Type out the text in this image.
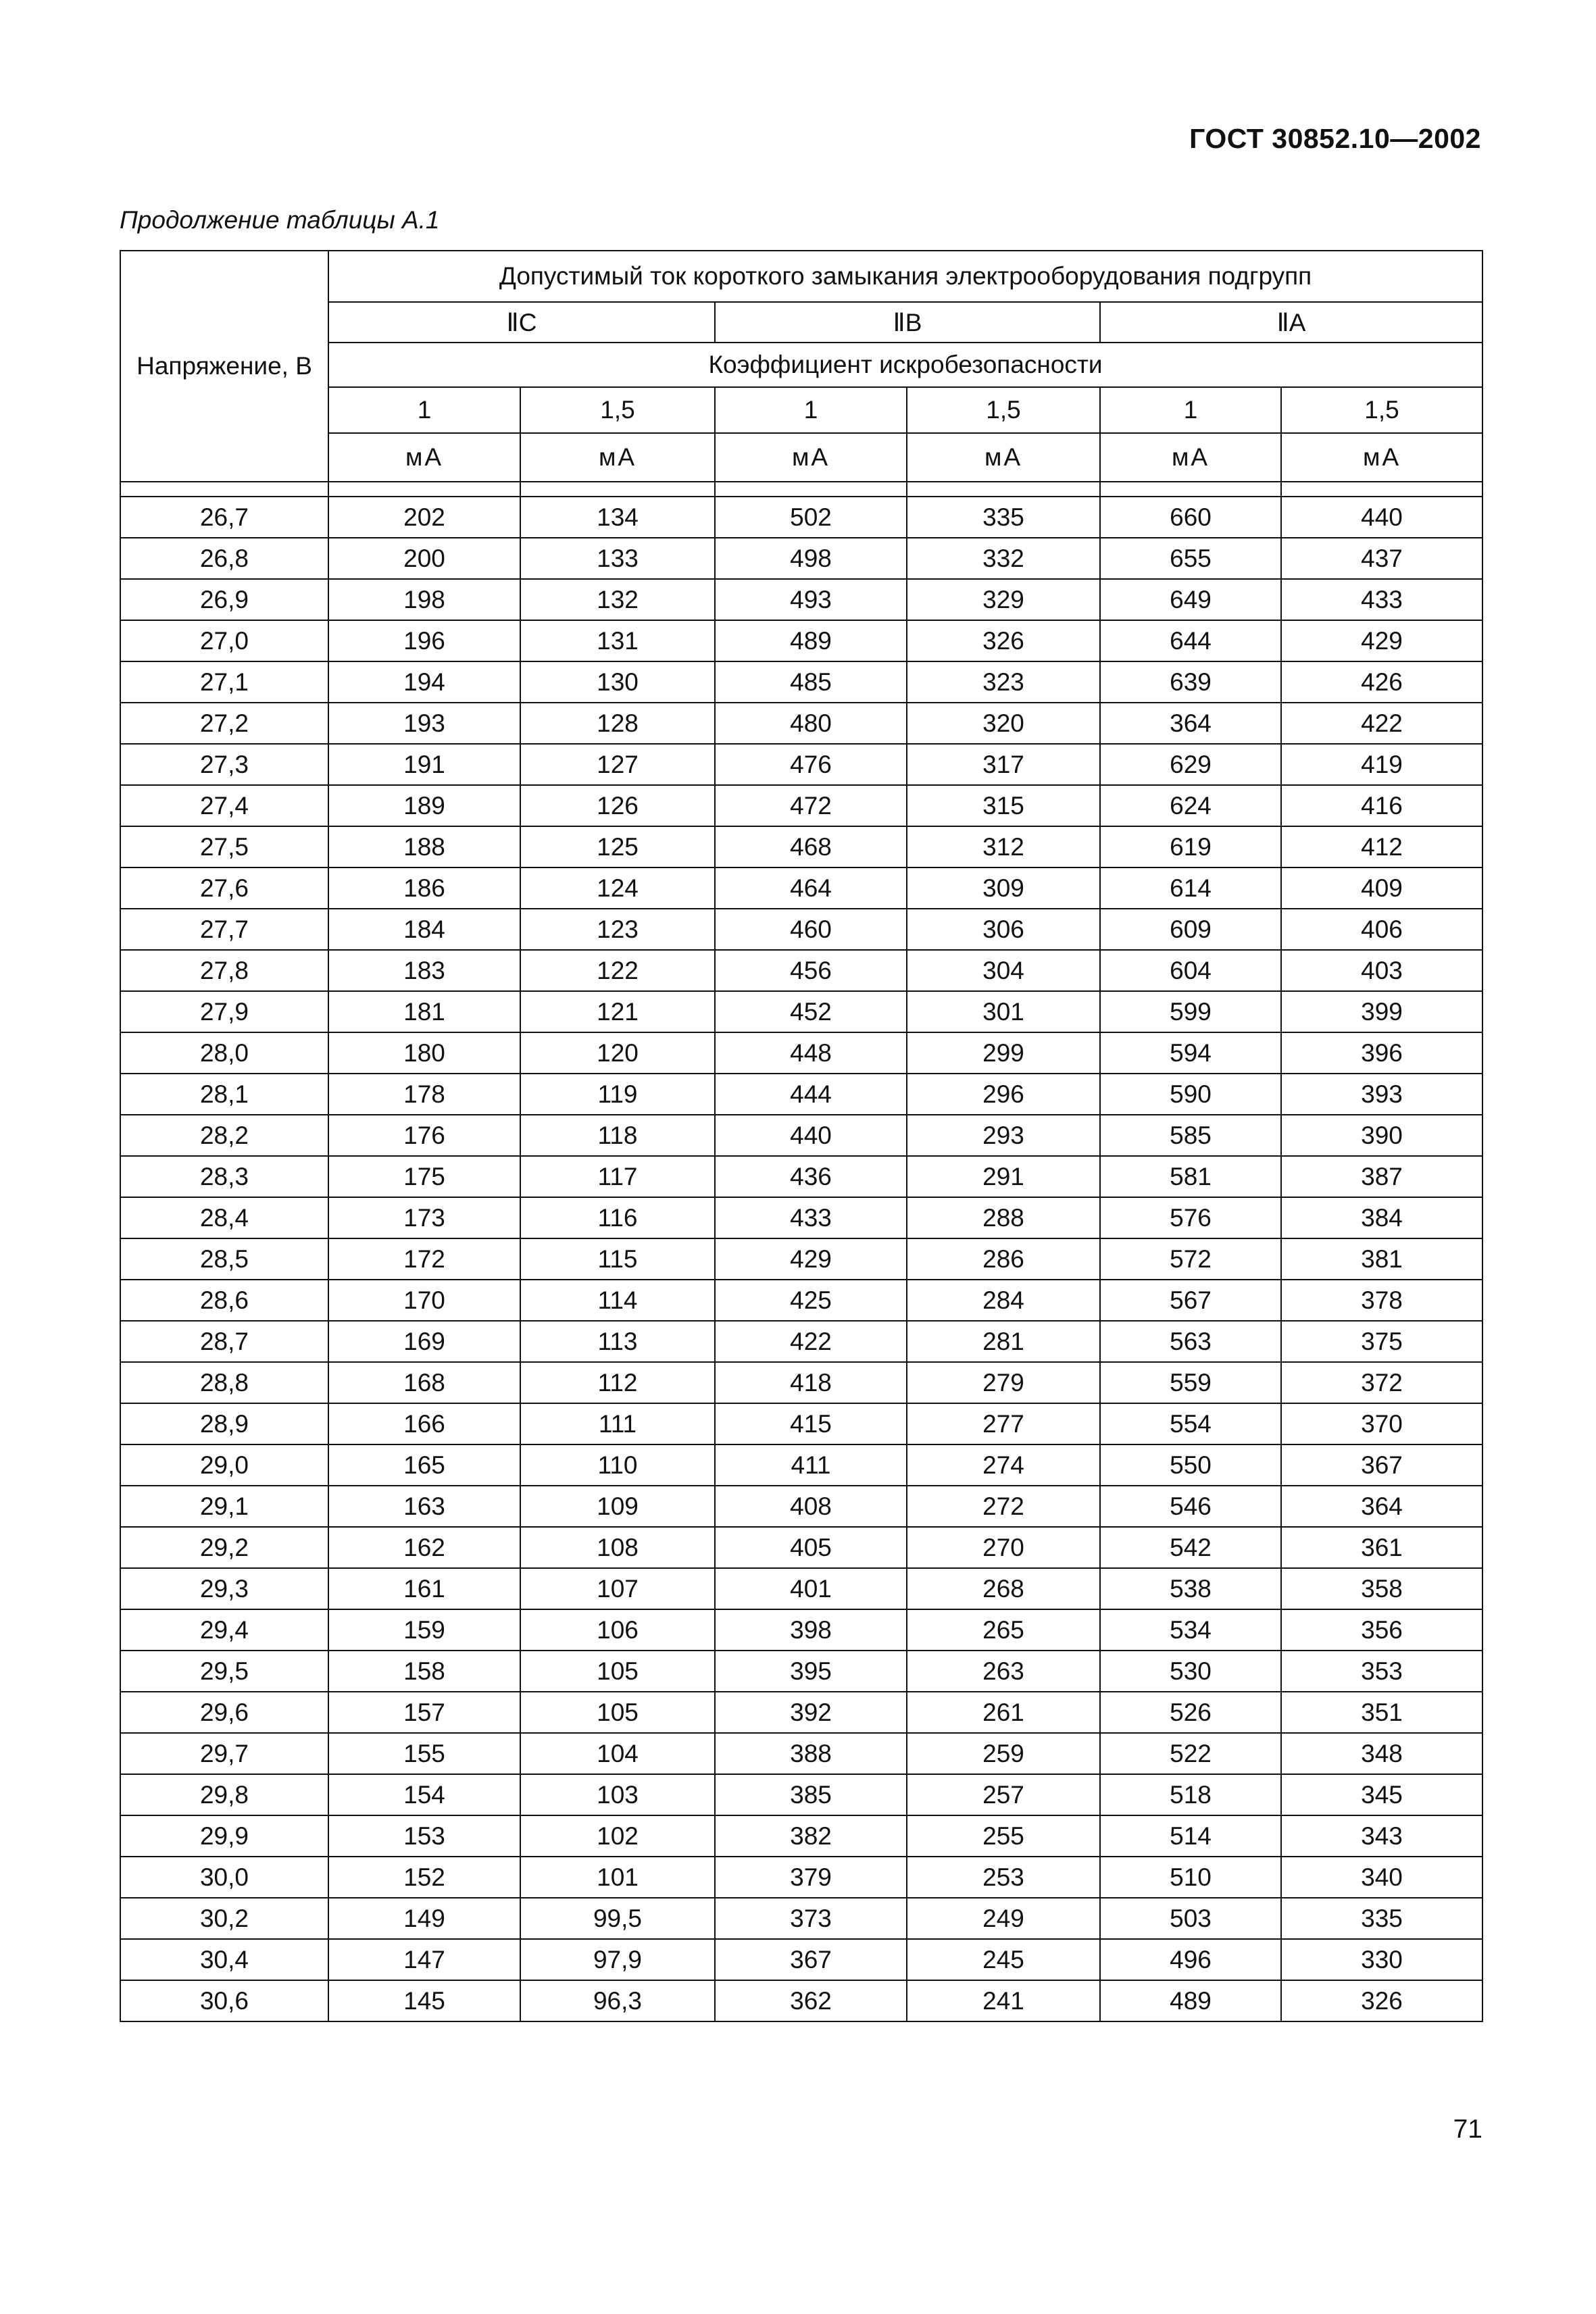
ГОСТ 30852.10—2002
Продолжение таблицы А.1
Напряжение, В	Допустимый ток короткого замыкания электрооборудования подгрупп					
	ⅡC		ⅡB		ⅡA	
	Коэффициент искробезопасности					
	1	1,5	1	1,5	1	1,5
	мА	мА	мА	мА	мА	мА

26,7	202	134	502	335	660	440
26,8	200	133	498	332	655	437
26,9	198	132	493	329	649	433
27,0	196	131	489	326	644	429
27,1	194	130	485	323	639	426
27,2	193	128	480	320	364	422
27,3	191	127	476	317	629	419
27,4	189	126	472	315	624	416
27,5	188	125	468	312	619	412
27,6	186	124	464	309	614	409
27,7	184	123	460	306	609	406
27,8	183	122	456	304	604	403
27,9	181	121	452	301	599	399
28,0	180	120	448	299	594	396
28,1	178	119	444	296	590	393
28,2	176	118	440	293	585	390
28,3	175	117	436	291	581	387
28,4	173	116	433	288	576	384
28,5	172	115	429	286	572	381
28,6	170	114	425	284	567	378
28,7	169	113	422	281	563	375
28,8	168	112	418	279	559	372
28,9	166	111	415	277	554	370
29,0	165	110	411	274	550	367
29,1	163	109	408	272	546	364
29,2	162	108	405	270	542	361
29,3	161	107	401	268	538	358
29,4	159	106	398	265	534	356
29,5	158	105	395	263	530	353
29,6	157	105	392	261	526	351
29,7	155	104	388	259	522	348
29,8	154	103	385	257	518	345
29,9	153	102	382	255	514	343
30,0	152	101	379	253	510	340
30,2	149	99,5	373	249	503	335
30,4	147	97,9	367	245	496	330
30,6	145	96,3	362	241	489	326
71
